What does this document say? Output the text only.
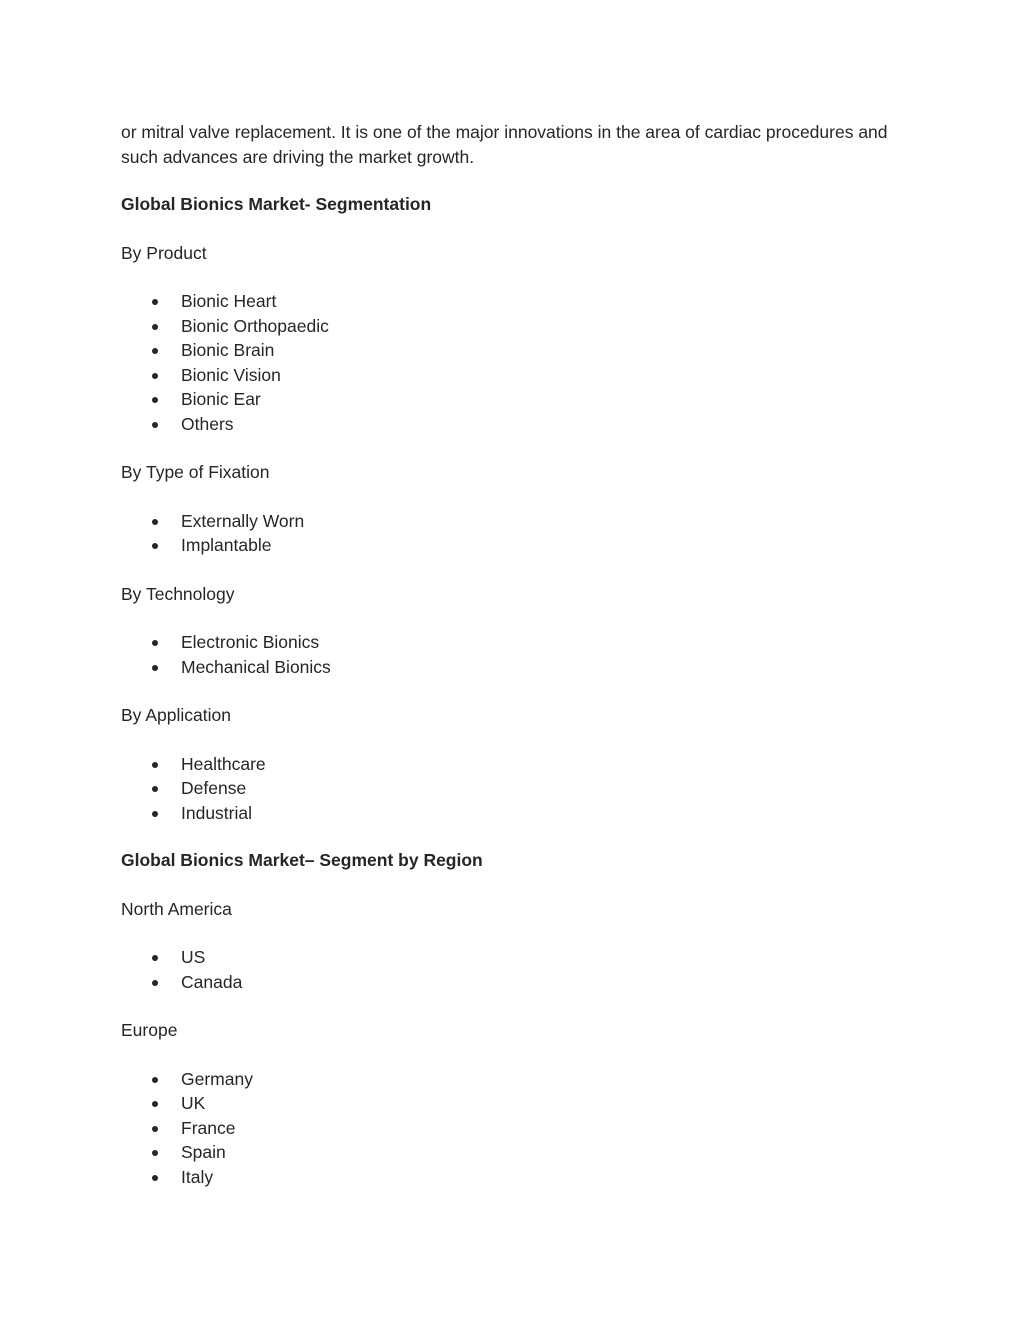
or mitral valve replacement. It is one of the major innovations in the area of cardiac procedures and such advances are driving the market growth.

Global Bionics Market- Segmentation

By Product

Bionic Heart
Bionic Orthopaedic
Bionic Brain
Bionic Vision
Bionic Ear
Others

By Type of Fixation

Externally Worn
Implantable

By Technology

Electronic Bionics
Mechanical Bionics

By Application

Healthcare
Defense
Industrial

Global Bionics Market– Segment by Region

North America

US
Canada

Europe

Germany
UK
France
Spain
Italy
